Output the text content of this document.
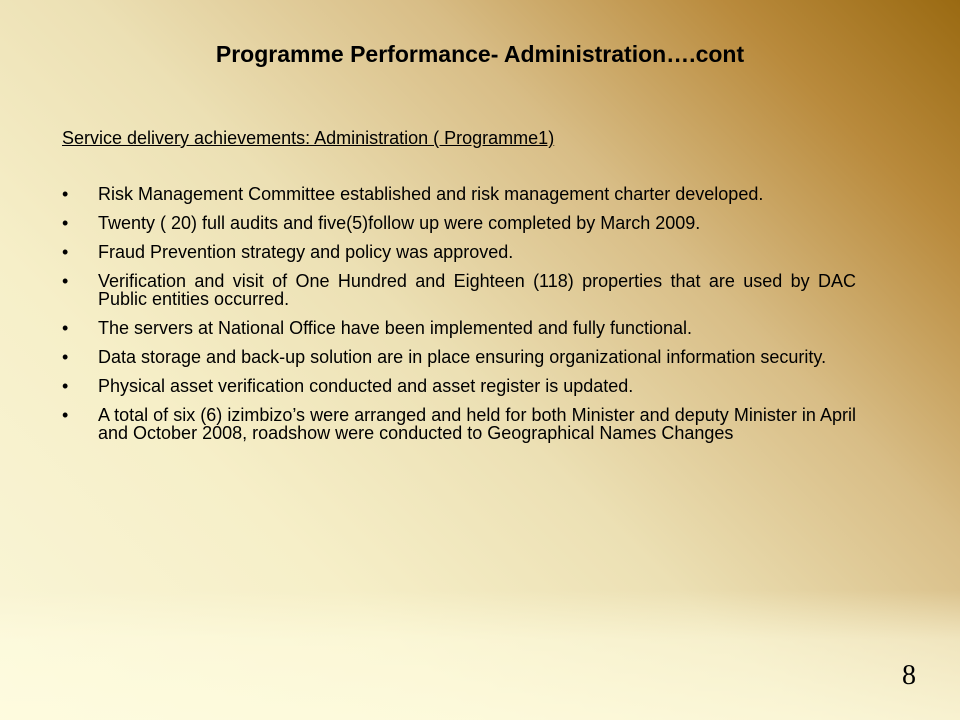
Programme Performance- Administration….cont
Service delivery achievements: Administration ( Programme1)
•	Risk Management Committee established and risk management charter developed.
•	Twenty ( 20) full audits and five(5)follow up were completed by March 2009.
•	Fraud Prevention strategy and policy was approved.
•	Verification and visit of One Hundred and Eighteen (118) properties that are used by DAC Public entities occurred.
•	The servers at National Office have been implemented and fully functional.
•	Data storage and back-up solution are in place ensuring organizational information security.
•	Physical asset verification conducted and asset register is updated.
•	A total of six (6) izimbizo’s were arranged and held for both Minister and deputy Minister in April and October 2008, roadshow were conducted to Geographical Names Changes
8
